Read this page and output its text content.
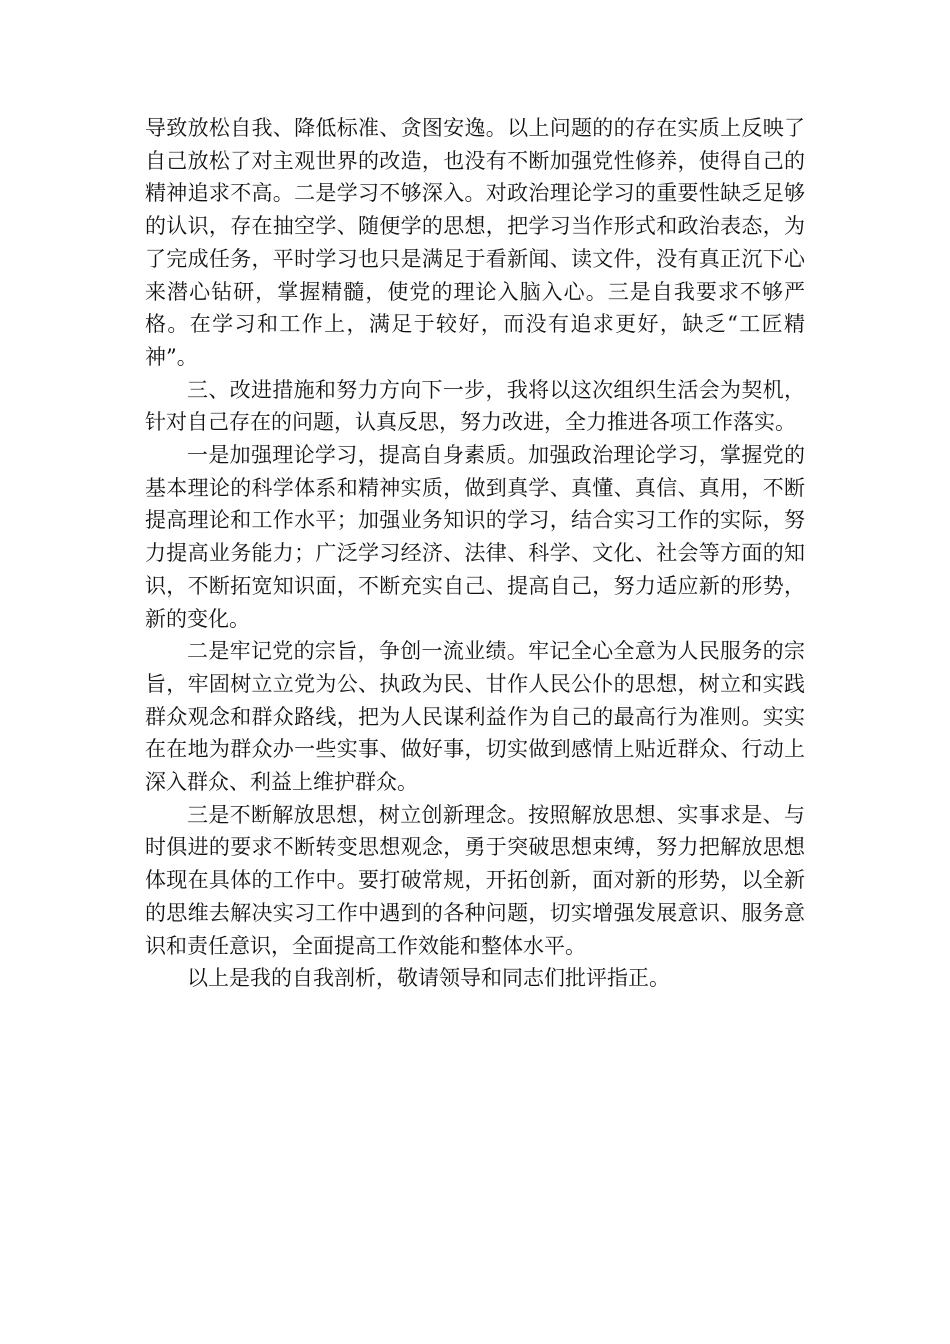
导致放松自我、降低标准、贪图安逸。以上问题的的存在实质上反映了自己放松了对主观世界的改造，也没有不断加强党性修养，使得自己的精神追求不高。二是学习不够深入。对政治理论学习的重要性缺乏足够的认识，存在抽空学、随便学的思想，把学习当作形式和政治表态，为了完成任务，平时学习也只是满足于看新闻、读文件，没有真正沉下心来潜心钻研，掌握精髓，使党的理论入脑入心。三是自我要求不够严格。在学习和工作上，满足于较好，而没有追求更好，缺乏“工匠精神”。

三、改进措施和努力方向下一步，我将以这次组织生活会为契机，针对自己存在的问题，认真反思，努力改进，全力推进各项工作落实。

一是加强理论学习，提高自身素质。加强政治理论学习，掌握党的基本理论的科学体系和精神实质，做到真学、真懂、真信、真用，不断提高理论和工作水平；加强业务知识的学习，结合实习工作的实际，努力提高业务能力；广泛学习经济、法律、科学、文化、社会等方面的知识，不断拓宽知识面，不断充实自己、提高自己，努力适应新的形势，新的变化。

二是牢记党的宗旨，争创一流业绩。牢记全心全意为人民服务的宗旨，牢固树立立党为公、执政为民、甘作人民公仆的思想，树立和实践群众观念和群众路线，把为人民谋利益作为自己的最高行为准则。实实在在地为群众办一些实事、做好事，切实做到感情上贴近群众、行动上深入群众、利益上维护群众。

三是不断解放思想，树立创新理念。按照解放思想、实事求是、与时俱进的要求不断转变思想观念，勇于突破思想束缚，努力把解放思想体现在具体的工作中。要打破常规，开拓创新，面对新的形势，以全新的思维去解决实习工作中遇到的各种问题，切实增强发展意识、服务意识和责任意识，全面提高工作效能和整体水平。

以上是我的自我剖析，敬请领导和同志们批评指正。
